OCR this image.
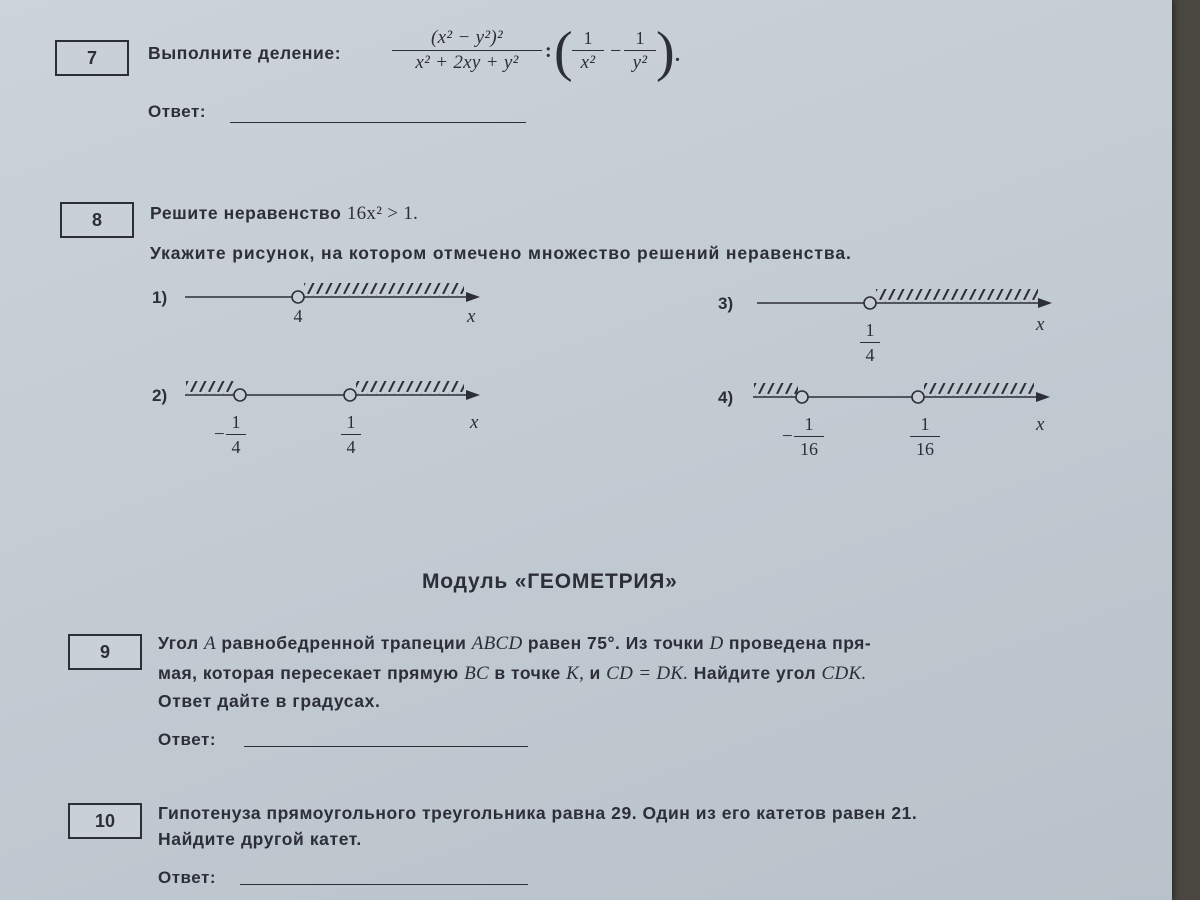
7	Выполните деление:
(x² − y²)²
x² + 2xy + y²
: ( 1
x²
−
1
y² ) .
Ответ:
8	Решите неравенство 16x² > 1.
Укажите рисунок, на котором отмечено множество решений неравенства.
1)
4	x
3)
1
4
x
2)
−
1
4
1
4
x
4)
−
1
16
1
16
x
Модуль «ГЕОМЕТРИЯ»
9	Угол A равнобедренной трапеции ABCD равен 75°. Из точки D проведена пря-
мая, которая пересекает прямую BC в точке K, и CD = DK. Найдите угол CDK.
Ответ дайте в градусах.
Ответ:
10 Гипотенуза прямоугольного треугольника равна 29. Один из его катетов равен 21.
Найдите другой катет.
Ответ:
